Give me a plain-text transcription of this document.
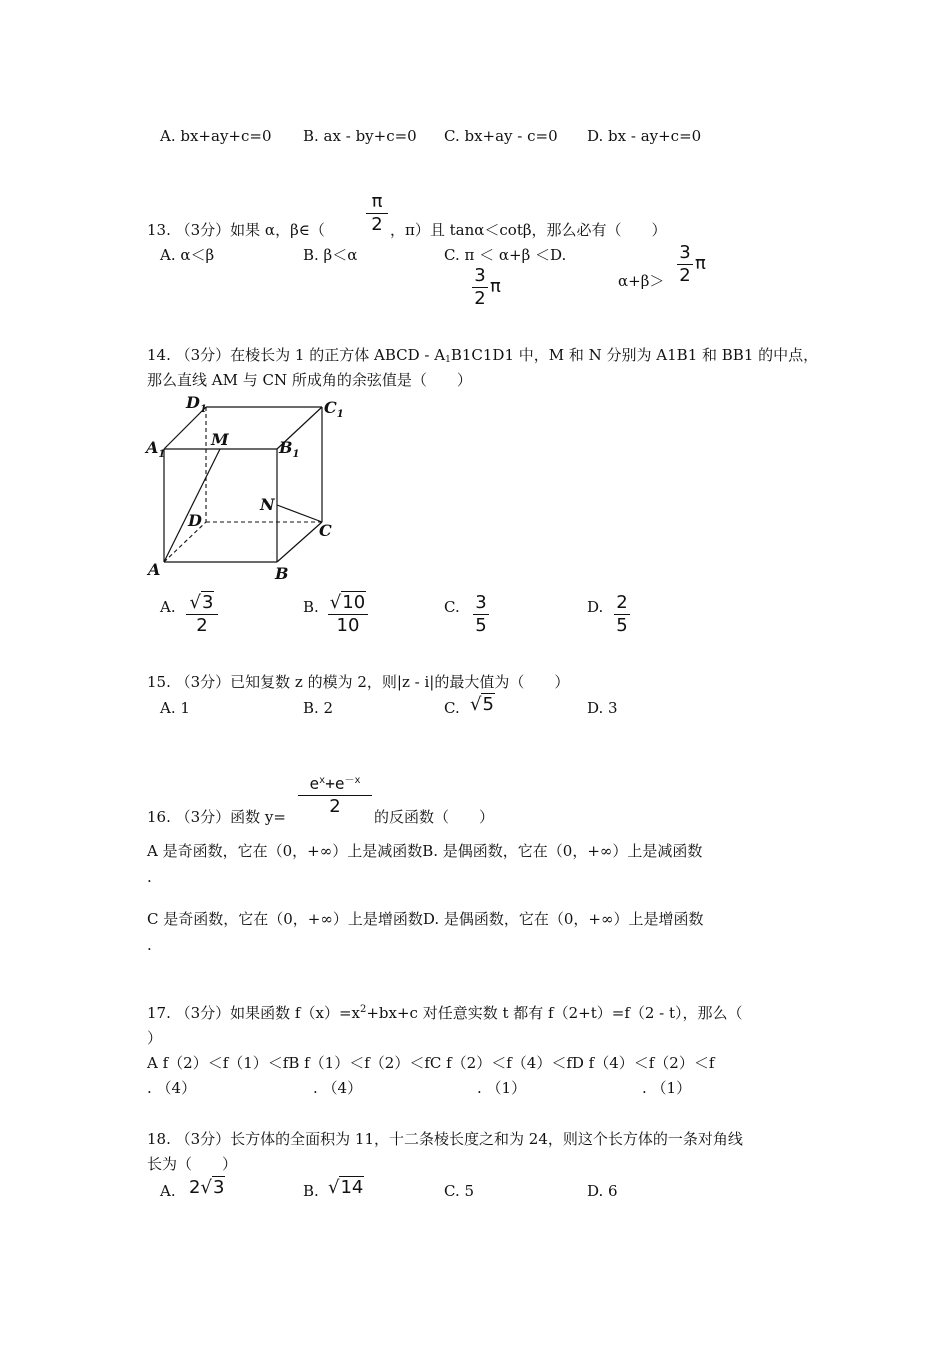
A. bx+ay+c=0 B. ax - by+c=0 C. bx+ay - c=0 D. bx - ay+c=0
13. （3分）如果 α，β∈（
π
2 ，π）且 tanα＜cotβ，那么必有（　　）
A. α＜β	B. β＜α	C. π ＜ α+β ＜D.
3
2
π	α+β＞
3
2
π
14. （3分）在棱长为 1 的正方体 ABCD - $A_1B1C1D1$ 中，M 和 N 分别为 A1B1 和 BB1 的中点，
那么直线 AM 与 CN 所成角的余弦值是（　　）
$D_1$	$C_1$
$A_1$	$B_1$
M
N
D
C
A	B
A. √3
2
B. √10
10
C. 3
5
D. 2
5
15. （3分）已知复数 z 的模为 2，则|z - i|的最大值为（　　）
A. 1	B. 2	C. √5	D. 3
16. （3分）函数 y=
$e^x+e^{-x}$
2	的反函数（　　）
A 是奇函数，它在（0，+∞）上是减函数B. 是偶函数，它在（0，+∞）上是减函数
.
C 是奇函数，它在（0，+∞）上是增函数D. 是偶函数，它在（0，+∞）上是增函数
.
17. （3分）如果函数 $f(x)=x^2+bx+c$ 对任意实数 t 都有 f（2+t）=f（2 - t），那么（
）
A f（2）＜f（1）＜fB f（1）＜f（2）＜fC f（2）＜f（4）＜fD f（4）＜f（2）＜f
. （4）	. （4）	. （1）	. （1）
18. （3分）长方体的全面积为 11，十二条棱长度之和为 24，则这个长方体的一条对角线
长为（　　）
A. 2√3	B. √14	C. 5	D. 6
